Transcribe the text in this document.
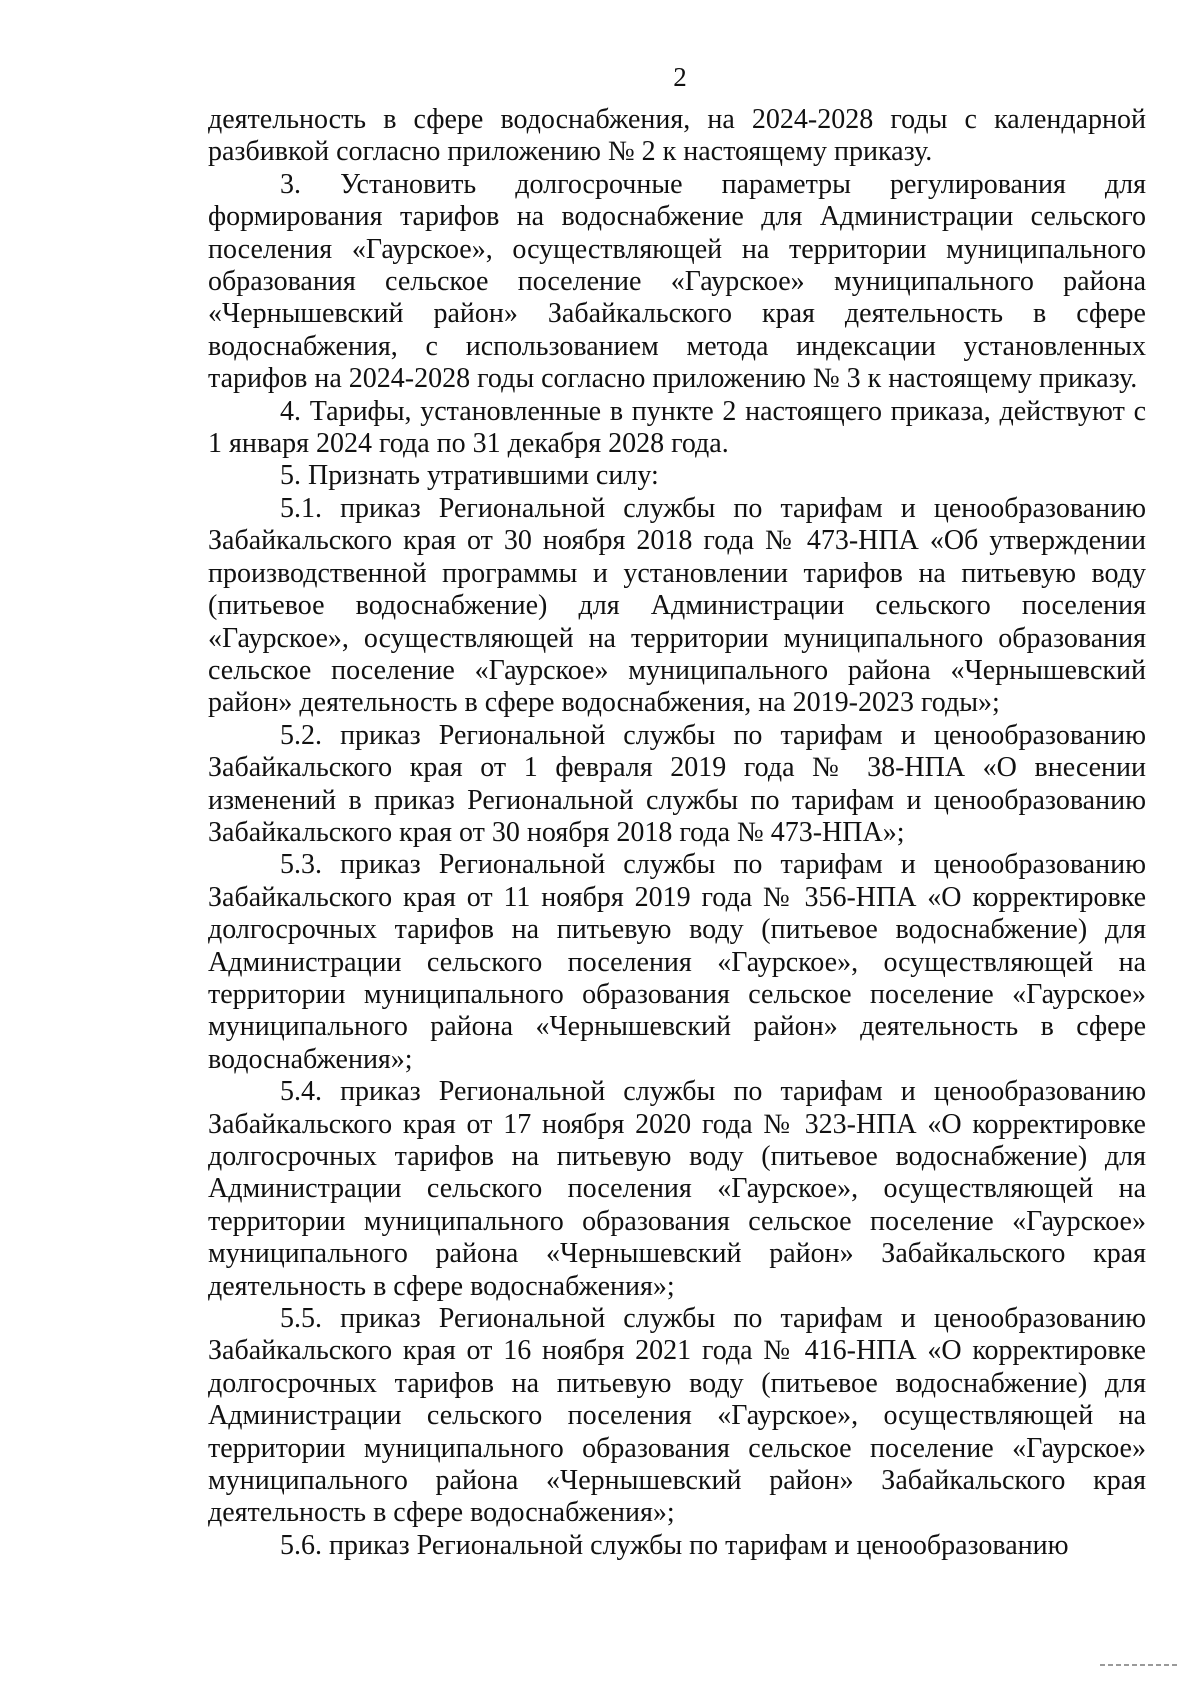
2

деятельность в сфере водоснабжения, на 2024-2028 годы с календарной разбивкой согласно приложению № 2 к настоящему приказу.

3. Установить долгосрочные параметры регулирования для формирования тарифов на водоснабжение для Администрации сельского поселения «Гаурское», осуществляющей на территории муниципального образования сельское поселение «Гаурское» муниципального района «Чернышевский район» Забайкальского края деятельность в сфере водоснабжения, с использованием метода индексации установленных тарифов на 2024-2028 годы согласно приложению № 3 к настоящему приказу.

4. Тарифы, установленные в пункте 2 настоящего приказа, действуют с 1 января 2024 года по 31 декабря 2028 года.

5. Признать утратившими силу:

5.1. приказ Региональной службы по тарифам и ценообразованию Забайкальского края от 30 ноября 2018 года № 473-НПА «Об утверждении производственной программы и установлении тарифов на питьевую воду (питьевое водоснабжение) для Администрации сельского поселения «Гаурское», осуществляющей на территории муниципального образования сельское поселение «Гаурское» муниципального района «Чернышевский район» деятельность в сфере водоснабжения, на 2019-2023 годы»;

5.2. приказ Региональной службы по тарифам и ценообразованию Забайкальского края от 1 февраля 2019 года № 38-НПА «О внесении изменений в приказ Региональной службы по тарифам и ценообразованию Забайкальского края от 30 ноября 2018 года № 473-НПА»;

5.3. приказ Региональной службы по тарифам и ценообразованию Забайкальского края от 11 ноября 2019 года № 356-НПА «О корректировке долгосрочных тарифов на питьевую воду (питьевое водоснабжение) для Администрации сельского поселения «Гаурское», осуществляющей на территории муниципального образования сельское поселение «Гаурское» муниципального района «Чернышевский район» деятельность в сфере водоснабжения»;

5.4. приказ Региональной службы по тарифам и ценообразованию Забайкальского края от 17 ноября 2020 года № 323-НПА «О корректировке долгосрочных тарифов на питьевую воду (питьевое водоснабжение) для Администрации сельского поселения «Гаурское», осуществляющей на территории муниципального образования сельское поселение «Гаурское» муниципального района «Чернышевский район» Забайкальского края деятельность в сфере водоснабжения»;

5.5. приказ Региональной службы по тарифам и ценообразованию Забайкальского края от 16 ноября 2021 года № 416-НПА «О корректировке долгосрочных тарифов на питьевую воду (питьевое водоснабжение) для Администрации сельского поселения «Гаурское», осуществляющей на территории муниципального образования сельское поселение «Гаурское» муниципального района «Чернышевский район» Забайкальского края деятельность в сфере водоснабжения»;

5.6. приказ Региональной службы по тарифам и ценообразованию
